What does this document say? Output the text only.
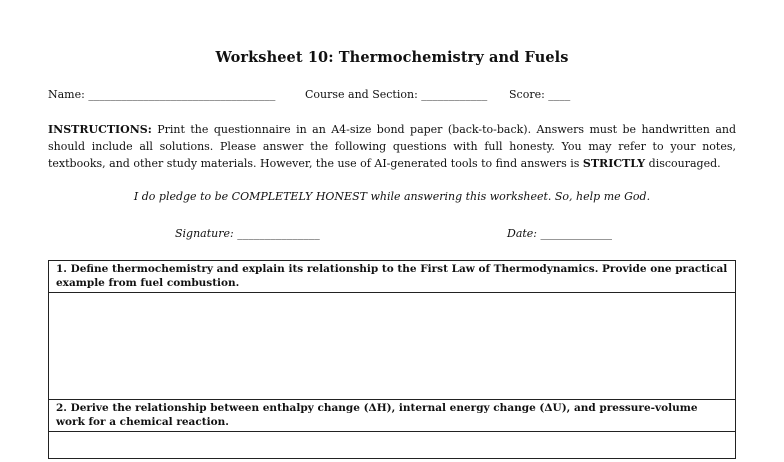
Worksheet 10: Thermochemistry and Fuels
Name: __________________________________	Course and Section: ____________ Score: ____
INSTRUCTIONS: Print the questionnaire in an A4-size bond paper (back-to-back). Answers must be handwritten and should include all solutions. Please answer the following questions with full honesty. You may refer to your notes, textbooks, and other study materials. However, the use of AI-generated tools to find answers is STRICTLY discouraged.
I do pledge to be COMPLETELY HONEST while answering this worksheet. So, help me God.
Signature: _______________	Date: _____________
1. Define thermochemistry and explain its relationship to the First Law of Thermodynamics. Provide one practical example from fuel combustion.
2. Derive the relationship between enthalpy change (ΔH), internal energy change (ΔU), and pressure-volume work for a chemical reaction.
